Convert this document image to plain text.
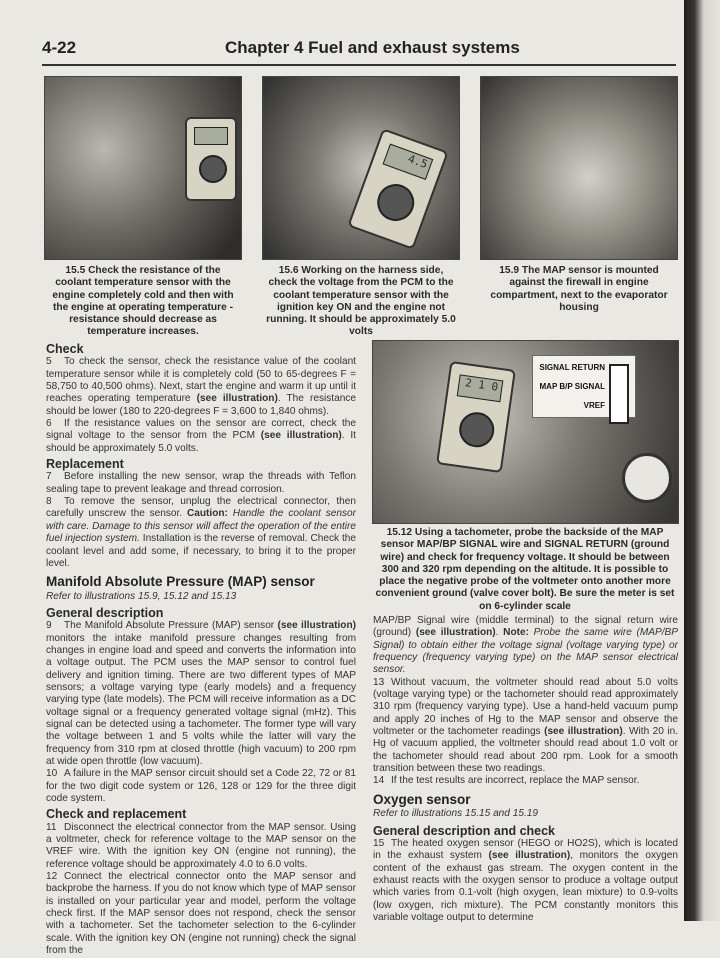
4-22	Chapter 4 Fuel and exhaust systems
4.5
2 1 0
SIGNAL RETURN
MAP B/P SIGNAL
VREF
15.5 Check the resistance of the coolant temperature sensor with the engine completely cold and then with the engine at operating temperature - resistance should decrease as temperature increases.
15.6 Working on the harness side, check the voltage from the PCM to the coolant temperature sensor with the ignition key ON and the engine not running. It should be approximately 5.0 volts
15.9 The MAP sensor is mounted against the firewall in engine compartment, next to the evaporator housing
15.12 Using a tachometer, probe the backside of the MAP sensor MAP/BP SIGNAL wire and SIGNAL RETURN (ground wire) and check for frequency voltage. It should be between 300 and 320 rpm depending on the altitude. It is possible to place the negative probe of the voltmeter onto another more convenient ground (valve cover bolt). Be sure the meter is set on 6-cylinder scale
Check

5 To check the sensor, check the resistance value of the coolant temperature sensor while it is completely cold (50 to 65-degrees F = 58,750 to 40,500 ohms). Next, start the engine and warm it up until it reaches operating temperature (see illustration). The resistance should be lower (180 to 220-degrees F = 3,600 to 1,840 ohms).

6 If the resistance values on the sensor are correct, check the signal voltage to the sensor from the PCM (see illustration). It should be approximately 5.0 volts.

Replacement

7 Before installing the new sensor, wrap the threads with Teflon sealing tape to prevent leakage and thread corrosion.

8 To remove the sensor, unplug the electrical connector, then carefully unscrew the sensor. Caution: Handle the coolant sensor with care. Damage to this sensor will affect the operation of the entire fuel injection system. Installation is the reverse of removal. Check the coolant level and add some, if necessary, to bring it to the proper level.

Manifold Absolute Pressure (MAP) sensor
Refer to illustrations 15.9, 15.12 and 15.13
General description

9 The Manifold Absolute Pressure (MAP) sensor (see illustration) monitors the intake manifold pressure changes resulting from changes in engine load and speed and converts the information into a voltage output. The PCM uses the MAP sensor to control fuel delivery and ignition timing. There are two different types of MAP sensors; a voltage varying type (early models) and a frequency varying type (late models). The PCM will receive information as a DC voltage signal or a frequency generated voltage signal (mHz). This signal can be detected using a tachometer. The former type will vary the voltage between 1 and 5 volts while the latter will vary the frequency from 310 rpm at closed throttle (high vacuum) to 200 rpm at wide open throttle (low vacuum).

10 A failure in the MAP sensor circuit should set a Code 22, 72 or 81 for the two digit code system or 126, 128 or 129 for the three digit code system.

Check and replacement

11 Disconnect the electrical connector from the MAP sensor. Using a voltmeter, check for reference voltage to the MAP sensor on the VREF wire. With the ignition key ON (engine not running), the reference voltage should be approximately 4.0 to 6.0 volts.

12 Connect the electrical connector onto the MAP sensor and backprobe the harness. If you do not know which type of MAP sensor is installed on your particular year and model, perform the voltage check first. If the MAP sensor does not respond, check the sensor with a tachometer. Set the tachometer selection to the 6-cylinder scale. With the ignition key ON (engine not running) check the signal from the

MAP/BP Signal wire (middle terminal) to the signal return wire (ground) (see illustration). Note: Probe the same wire (MAP/BP Signal) to obtain either the voltage signal (voltage varying type) or frequency (frequency varying type) on the MAP sensor electrical sensor.

13 Without vacuum, the voltmeter should read about 5.0 volts (voltage varying type) or the tachometer should read approximately 310 rpm (frequency varying type). Use a hand-held vacuum pump and apply 20 inches of Hg to the MAP sensor and observe the voltmeter or the tachometer readings (see illustration). With 20 in. Hg of vacuum applied, the voltmeter should read about 1.0 volt or the tachometer should read about 200 rpm. Look for a smooth transition between these two readings.

14 If the test results are incorrect, replace the MAP sensor.

Oxygen sensor
Refer to illustrations 15.15 and 15.19
General description and check

15 The heated oxygen sensor (HEGO or HO2S), which is located in the exhaust system (see illustration), monitors the oxygen content of the exhaust gas stream. The oxygen content in the exhaust reacts with the oxygen sensor to produce a voltage output which varies from 0.1-volt (high oxygen, lean mixture) to 0.9-volts (low oxygen, rich mixture). The PCM constantly monitors this variable voltage output to determine
